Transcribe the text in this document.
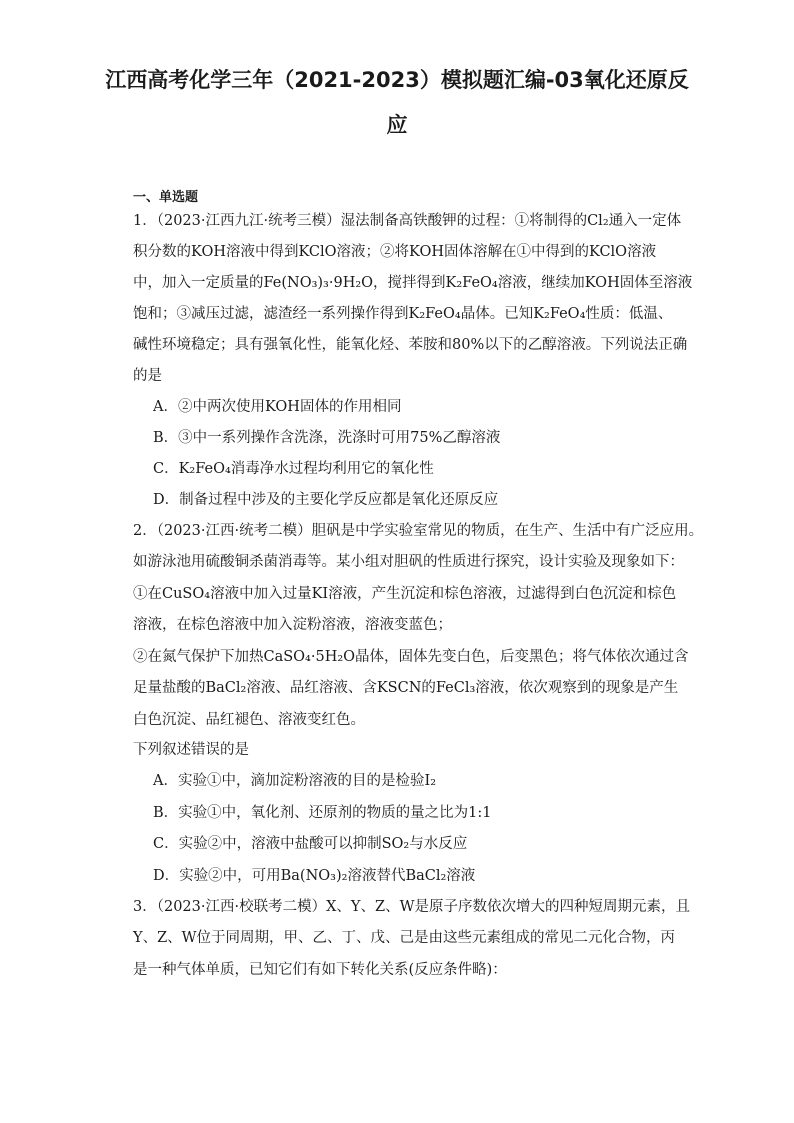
江西高考化学三年（2021-2023）模拟题汇编-03氧化还原反
应
一、单选题
1．（2023·江西九江·统考三模）湿法制备高铁酸钾的过程：①将制得的Cl₂通入一定体
积分数的KOH溶液中得到KClO溶液；②将KOH固体溶解在①中得到的KClO溶液
中，加入一定质量的Fe(NO₃)₃·9H₂O，搅拌得到K₂FeO₄溶液，继续加KOH固体至溶液
饱和；③减压过滤，滤渣经一系列操作得到K₂FeO₄晶体。已知K₂FeO₄性质：低温、
碱性环境稳定；具有强氧化性，能氧化烃、苯胺和80%以下的乙醇溶液。下列说法正确
的是
A．②中两次使用KOH固体的作用相同
B．③中一系列操作含洗涤，洗涤时可用75%乙醇溶液
C．K₂FeO₄消毒净水过程均利用它的氧化性
D．制备过程中涉及的主要化学反应都是氧化还原反应
2．（2023·江西·统考二模）胆矾是中学实验室常见的物质，在生产、生活中有广泛应用。
如游泳池用硫酸铜杀菌消毒等。某小组对胆矾的性质进行探究，设计实验及现象如下：
①在CuSO₄溶液中加入过量KI溶液，产生沉淀和棕色溶液，过滤得到白色沉淀和棕色
溶液，在棕色溶液中加入淀粉溶液，溶液变蓝色；
②在氮气保护下加热CaSO₄·5H₂O晶体，固体先变白色，后变黑色；将气体依次通过含
足量盐酸的BaCl₂溶液、品红溶液、含KSCN的FeCl₃溶液，依次观察到的现象是产生
白色沉淀、品红褪色、溶液变红色。
下列叙述错误的是
A．实验①中，滴加淀粉溶液的目的是检验I₂
B．实验①中，氧化剂、还原剂的物质的量之比为1:1
C．实验②中，溶液中盐酸可以抑制SO₂与水反应
D．实验②中，可用Ba(NO₃)₂溶液替代BaCl₂溶液
3．（2023·江西·校联考二模）X、Y、Z、W是原子序数依次增大的四种短周期元素，且
Y、Z、W位于同周期，甲、乙、丁、戊、己是由这些元素组成的常见二元化合物，丙
是一种气体单质，已知它们有如下转化关系(反应条件略)：
